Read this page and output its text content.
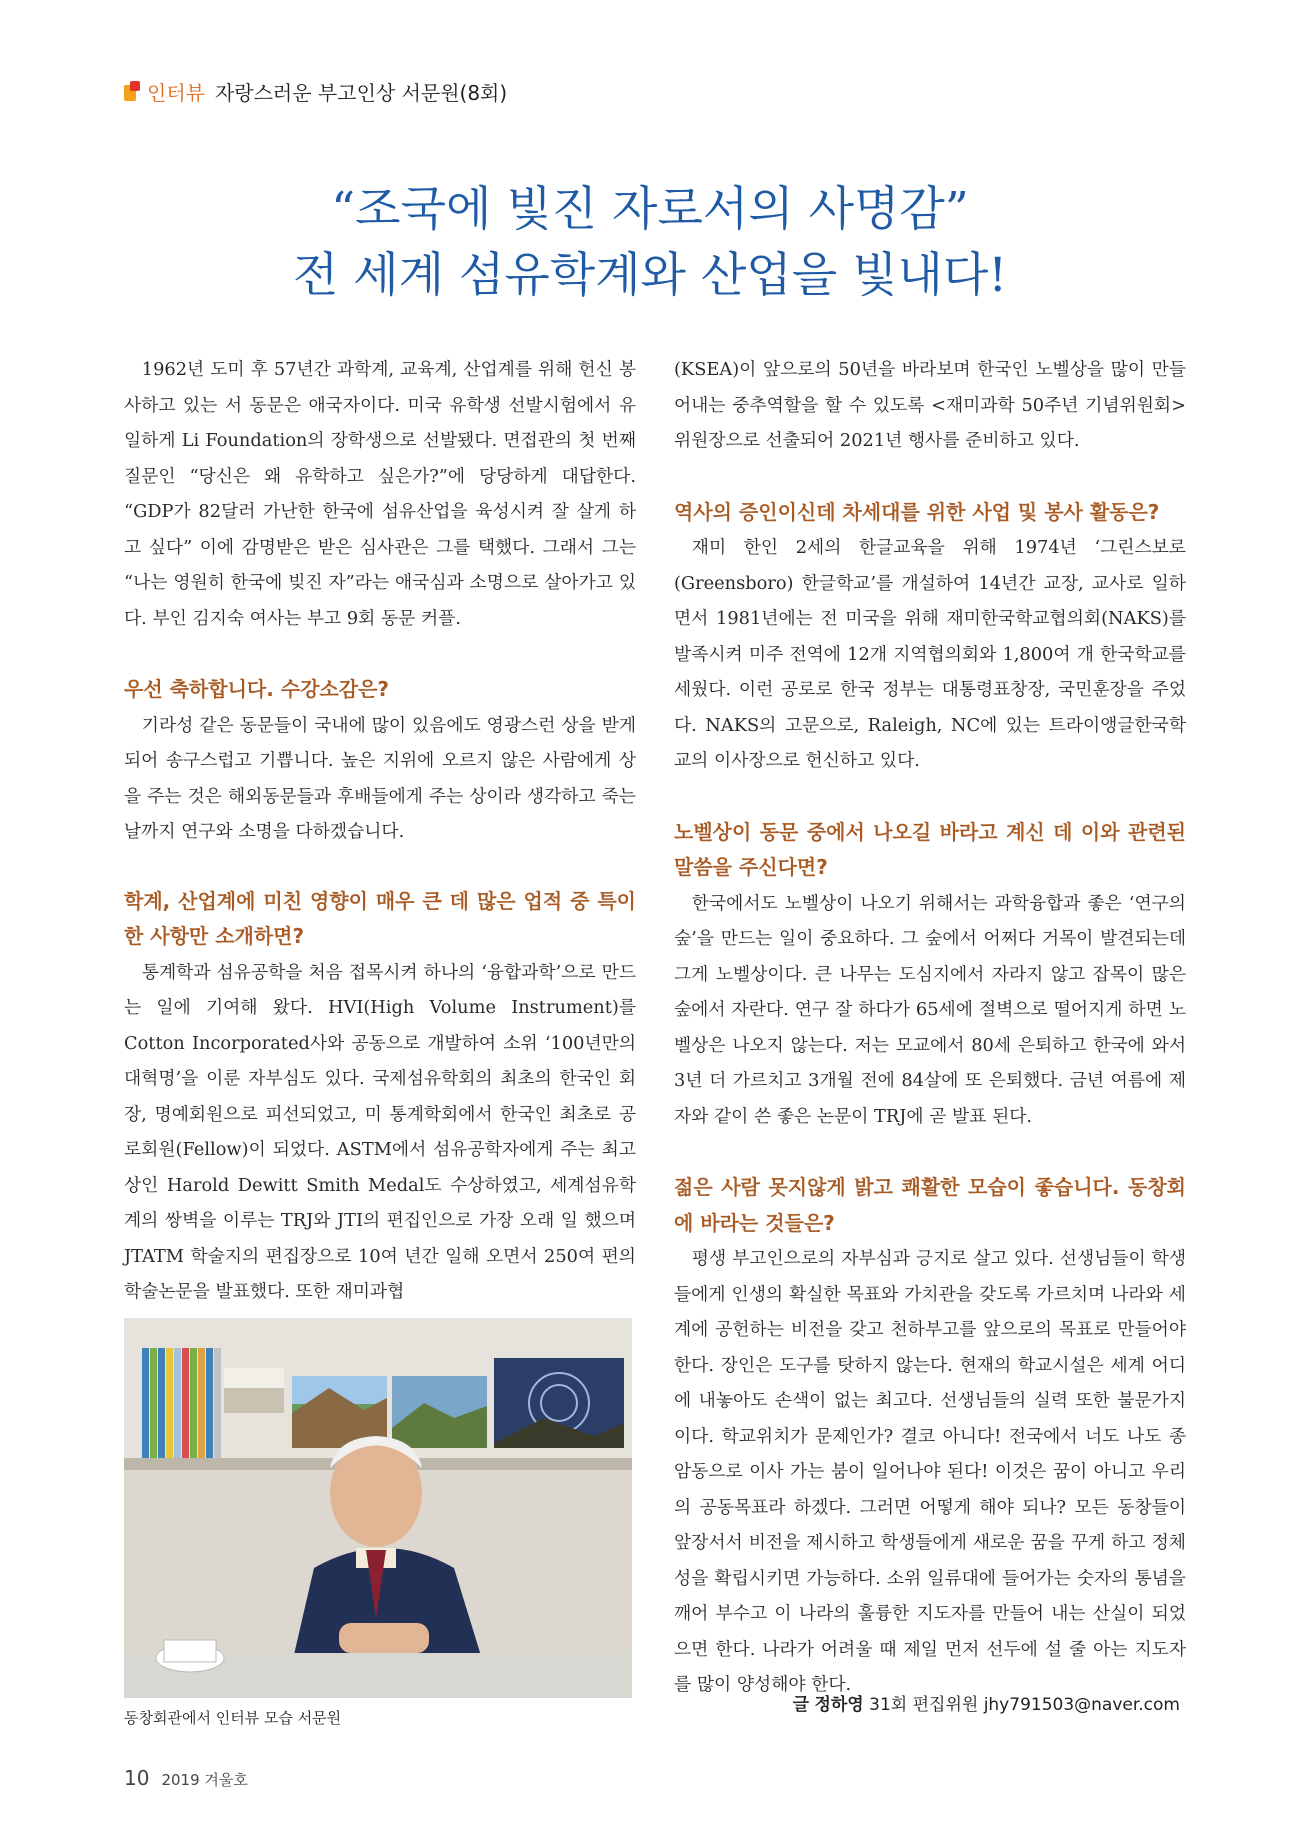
인터뷰 자랑스러운 부고인상 서문원(8회)
“조국에 빛진 자로서의 사명감”
전 세계 섬유학계와 산업을 빛내다!

1962년 도미 후 57년간 과학계, 교육계, 산업계를 위해 헌신 봉사하고 있는 서 동문은 애국자이다. 미국 유학생 선발시험에서 유일하게 Li Foundation의 장학생으로 선발됐다. 면접관의 첫 번째 질문인 “당신은 왜 유학하고 싶은가?”에 당당하게 대답한다. “GDP가 82달러 가난한 한국에 섬유산업을 육성시켜 잘 살게 하고 싶다” 이에 감명받은 받은 심사관은 그를 택했다. 그래서 그는 “나는 영원히 한국에 빚진 자”라는 애국심과 소명으로 살아가고 있다. 부인 김지숙 여사는 부고 9회 동문 커플.

우선 축하합니다. 수강소감은?

기라성 같은 동문들이 국내에 많이 있음에도 영광스런 상을 받게 되어 송구스럽고 기쁩니다. 높은 지위에 오르지 않은 사람에게 상을 주는 것은 해외동문들과 후배들에게 주는 상이라 생각하고 죽는 날까지 연구와 소명을 다하겠습니다.

학계, 산업계에 미친 영향이 매우 큰 데 많은 업적 중 특이한 사항만 소개하면?

통계학과 섬유공학을 처음 접목시켜 하나의 ‘융합과학’으로 만드는 일에 기여해 왔다. HVI(High Volume Instrument)를 Cotton Incorporated사와 공동으로 개발하여 소위 ‘100년만의 대혁명’을 이룬 자부심도 있다. 국제섬유학회의 최초의 한국인 회장, 명예회원으로 피선되었고, 미 통계학회에서 한국인 최초로 공로회원(Fellow)이 되었다. ASTM에서 섬유공학자에게 주는 최고상인 Harold Dewitt Smith Medal도 수상하였고, 세계섬유학계의 쌍벽을 이루는 TRJ와 JTI의 편집인으로 가장 오래 일 했으며 JTATM 학술지의 편집장으로 10여 년간 일해 오면서 250여 편의 학술논문을 발표했다. 또한 재미과협

(KSEA)이 앞으로의 50년을 바라보며 한국인 노벨상을 많이 만들어내는 중추역할을 할 수 있도록 <재미과학 50주년 기념위원회> 위원장으로 선출되어 2021년 행사를 준비하고 있다.

역사의 증인이신데 차세대를 위한 사업 및 봉사 활동은?

재미 한인 2세의 한글교육을 위해 1974년 ‘그린스보로(Greensboro) 한글학교’를 개설하여 14년간 교장, 교사로 일하면서 1981년에는 전 미국을 위해 재미한국학교협의회(NAKS)를 발족시켜 미주 전역에 12개 지역협의회와 1,800여 개 한국학교를 세웠다. 이런 공로로 한국 정부는 대통령표창장, 국민훈장을 주었다. NAKS의 고문으로, Raleigh, NC에 있는 트라이앵글한국학교의 이사장으로 헌신하고 있다.

노벨상이 동문 중에서 나오길 바라고 계신 데 이와 관련된 말씀을 주신다면?

한국에서도 노벨상이 나오기 위해서는 과학융합과 좋은 ‘연구의 숲’을 만드는 일이 중요하다. 그 숲에서 어쩌다 거목이 발견되는데 그게 노벨상이다. 큰 나무는 도심지에서 자라지 않고 잡목이 많은 숲에서 자란다. 연구 잘 하다가 65세에 절벽으로 떨어지게 하면 노벨상은 나오지 않는다. 저는 모교에서 80세 은퇴하고 한국에 와서 3년 더 가르치고 3개월 전에 84살에 또 은퇴했다. 금년 여름에 제자와 같이 쓴 좋은 논문이 TRJ에 곧 발표 된다.

젊은 사람 못지않게 밝고 쾌활한 모습이 좋습니다. 동창회에 바라는 것들은?

평생 부고인으로의 자부심과 긍지로 살고 있다. 선생님들이 학생들에게 인생의 확실한 목표와 가치관을 갖도록 가르치며 나라와 세계에 공헌하는 비전을 갖고 천하부고를 앞으로의 목표로 만들어야 한다. 장인은 도구를 탓하지 않는다. 현재의 학교시설은 세계 어디에 내놓아도 손색이 없는 최고다. 선생님들의 실력 또한 불문가지이다. 학교위치가 문제인가? 결코 아니다! 전국에서 너도 나도 종암동으로 이사 가는 붐이 일어나야 된다! 이것은 꿈이 아니고 우리의 공동목표라 하겠다. 그러면 어떻게 해야 되나? 모든 동창들이 앞장서서 비전을 제시하고 학생들에게 새로운 꿈을 꾸게 하고 정체성을 확립시키면 가능하다. 소위 일류대에 들어가는 숫자의 통념을 깨어 부수고 이 나라의 훌륭한 지도자를 만들어 내는 산실이 되었으면 한다. 나라가 어려울 때 제일 먼저 선두에 설 줄 아는 지도자를 많이 양성해야 한다.

동창회관에서 인터뷰 모습 서문원
글 정하영 31회 편집위원 jhy791503@naver.com
10 2019 겨울호
